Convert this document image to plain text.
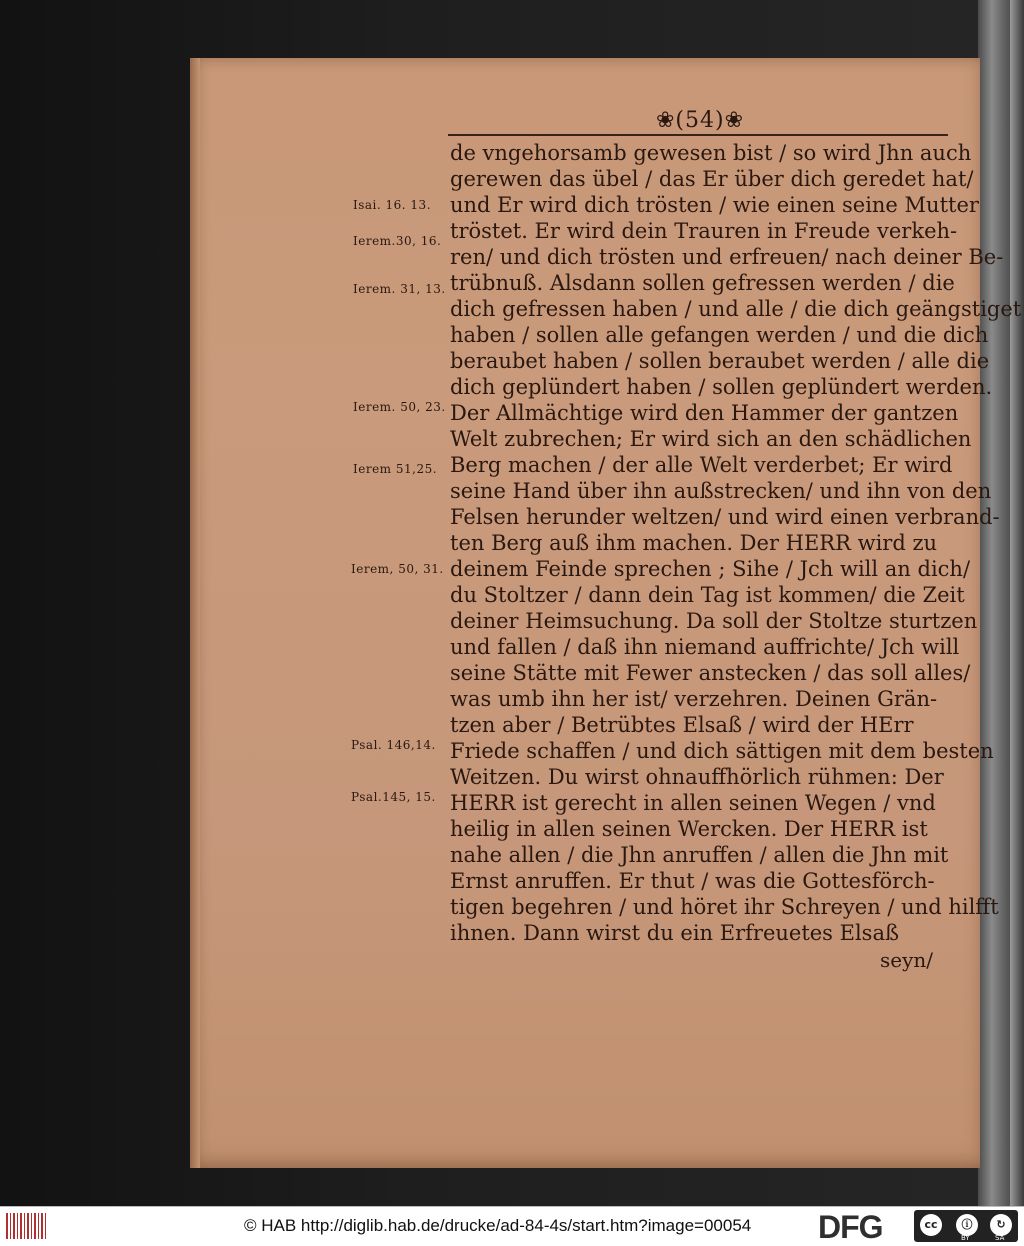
❀(54)❀
de vngehorsamb gewesen bist / so wird Jhn auch
gerewen das übel / das Er über dich geredet hat/
und Er wird dich trösten / wie einen seine Mutter
tröstet. Er wird dein Trauren in Freude verkeh-
ren/ und dich trösten und erfreuen/ nach deiner Be-
trübnuß. Alsdann sollen gefressen werden / die
dich gefressen haben / und alle / die dich geängstiget
haben / sollen alle gefangen werden / und die dich
beraubet haben / sollen beraubet werden / alle die
dich geplündert haben / sollen geplündert werden.
Der Allmächtige wird den Hammer der gantzen
Welt zubrechen; Er wird sich an den schädlichen
Berg machen / der alle Welt verderbet; Er wird
seine Hand über ihn außstrecken/ und ihn von den
Felsen herunder weltzen/ und wird einen verbrand-
ten Berg auß ihm machen. Der HERR wird zu
deinem Feinde sprechen ; Sihe / Jch will an dich/
du Stoltzer / dann dein Tag ist kommen/ die Zeit
deiner Heimsuchung. Da soll der Stoltze sturtzen
und fallen / daß ihn niemand auffrichte/ Jch will
seine Stätte mit Fewer anstecken / das soll alles/
was umb ihn her ist/ verzehren. Deinen Grän-
tzen aber / Betrübtes Elsaß / wird der HErr
Friede schaffen / und dich sättigen mit dem besten
Weitzen. Du wirst ohnauffhörlich rühmen: Der
HERR ist gerecht in allen seinen Wegen / vnd
heilig in allen seinen Wercken. Der HERR ist
nahe allen / die Jhn anruffen / allen die Jhn mit
Ernst anruffen. Er thut / was die Gottesförch-
tigen begehren / und höret ihr Schreyen / und hilfft
ihnen. Dann wirst du ein Erfreuetes Elsaß
seyn/
Isai. 16. 13.
Ierem.30, 16.
Ierem. 31, 13.
Ierem. 50, 23.
Ierem 51,25.
Ierem, 50, 31.
Psal. 146,14.
Psal.145, 15.
© HAB http://diglib.hab.de/drucke/ad-84-4s/start.htm?image=00054 DFG	cc	ⓘ	↻
BY	SA
